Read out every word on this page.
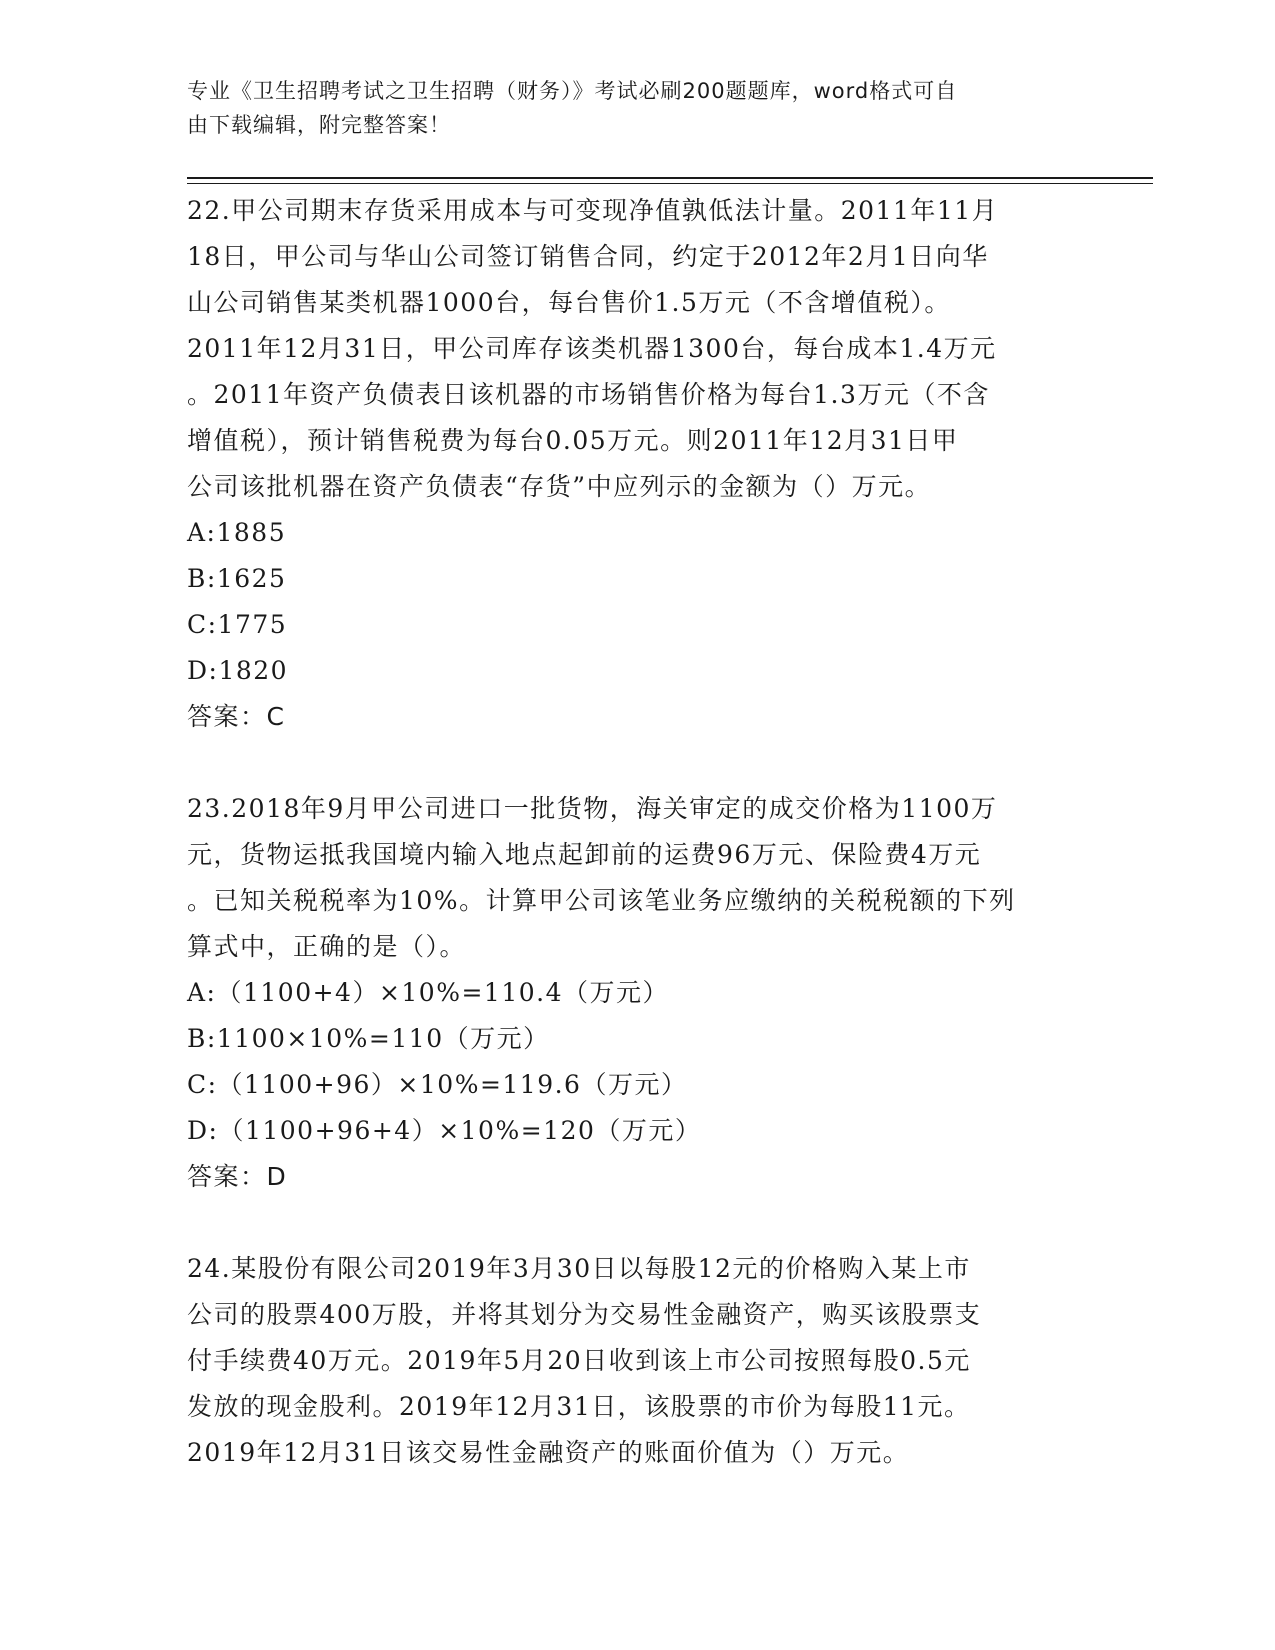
专业《卫生招聘考试之卫生招聘（财务）》考试必刷200题题库，word格式可自
由下载编辑，附完整答案！
22.甲公司期末存货采用成本与可变现净值孰低法计量。2011年11月
18日，甲公司与华山公司签订销售合同，约定于2012年2月1日向华
山公司销售某类机器1000台，每台售价1.5万元（不含增值税）。
2011年12月31日，甲公司库存该类机器1300台，每台成本1.4万元
。2011年资产负债表日该机器的市场销售价格为每台1.3万元（不含
增值税），预计销售税费为每台0.05万元。则2011年12月31日甲
公司该批机器在资产负债表“存货”中应列示的金额为（）万元。
A:1885
B:1625
C:1775
D:1820
答案：C
23.2018年9月甲公司进口一批货物，海关审定的成交价格为1100万
元，货物运抵我国境内输入地点起卸前的运费96万元、保险费4万元
。已知关税税率为10%。计算甲公司该笔业务应缴纳的关税税额的下列
算式中，正确的是（）。
A:（1100+4）×10%=110.4（万元）
B:1100×10%=110（万元）
C:（1100+96）×10%=119.6（万元）
D:（1100+96+4）×10%=120（万元）
答案：D
24.某股份有限公司2019年3月30日以每股12元的价格购入某上市
公司的股票400万股，并将其划分为交易性金融资产，购买该股票支
付手续费40万元。2019年5月20日收到该上市公司按照每股0.5元
发放的现金股利。2019年12月31日，该股票的市价为每股11元。
2019年12月31日该交易性金融资产的账面价值为（）万元。
